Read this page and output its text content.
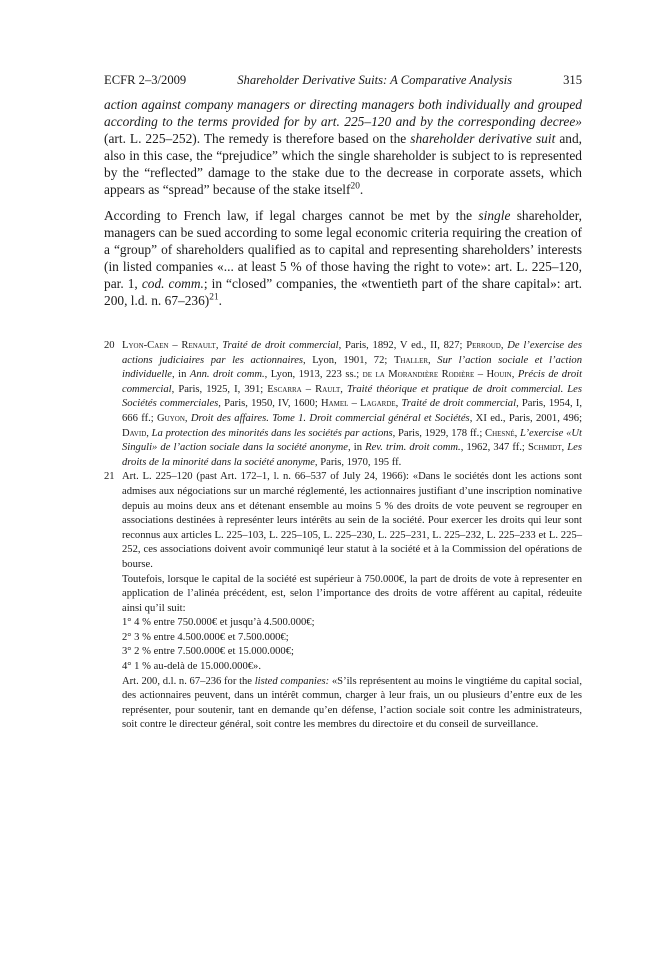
ECFR 2–3/2009	Shareholder Derivative Suits: A Comparative Analysis	315

action against company managers or directing managers both individually and grouped according to the terms provided for by art. 225–120 and by the corresponding decree» (art. L. 225–252). The remedy is therefore based on the shareholder derivative suit and, also in this case, the “prejudice” which the single shareholder is subject to is represented by the “reflected” damage to the stake due to the decrease in corporate assets, which appears as “spread” because of the stake itself$^{20}$.

According to French law, if legal charges cannot be met by the single shareholder, managers can be sued according to some legal economic criteria requiring the creation of a “group” of shareholders qualified as to capital and representing shareholders’ interests (in listed companies «... at least 5 % of those having the right to vote»: art. L. 225–120, par. 1, cod. comm.; in “closed” companies, the «twentieth part of the share capital»: art. 200, l.d. n. 67–236)$^{21}$.

20 Lyon-Caen – Renault, Traité de droit commercial, Paris, 1892, V ed., II, 827; Perroud, De l’exercise des actions judiciaires par les actionnaires, Lyon, 1901, 72; Thaller, Sur l’action sociale et l’action individuelle, in Ann. droit comm., Lyon, 1913, 223 ss.; de la Morandière Rodière – Houin, Précis de droit commercial, Paris, 1925, I, 391; Escarra – Rault, Traité théorique et pratique de droit commercial. Les Sociétés commerciales, Paris, 1950, IV, 1600; Hamel – Lagarde, Traité de droit commercial, Paris, 1954, I, 666 ff.; Guyon, Droit des affaires. Tome 1. Droit commercial général et Sociétés, XI ed., Paris, 2001, 496; David, La protection des minorités dans les sociétés par actions, Paris, 1929, 178 ff.; Chesné, L’exercise «Ut Singuli» de l’action sociale dans la société anonyme, in Rev. trim. droit comm., 1962, 347 ff.; Schmidt, Les droits de la minorité dans la société anonyme, Paris, 1970, 195 ff.
21 Art. L. 225–120 (past Art. 172–1, l. n. 66–537 of July 24, 1966): «Dans le sociétés dont les actions sont admises aux négociations sur un marché réglementé, les actionnaires justifiant d’une inscription nominative depuis au moins deux ans et détenant ensemble au moins 5 % des droits de vote peuvent se regrouper en associations destinées à represénter leurs intérêts au sein de la société. Pour exercer les droits qui leur sont reconnus aux articles L. 225–103, L. 225–105, L. 225–230, L. 225–231, L. 225–232, L. 225–233 et L. 225–252, ces associations doivent avoir communiqé leur statut à la société et à la Commission del opérations de bourse.

Toutefois, lorsque le capital de la société est supérieur à 750.000€, la part de droits de vote à representer en application de l’alinéa précédent, est, selon l’importance des droits de votre afférent au capital, rédeuite ainsi qu’il suit:

1° 4 % entre 750.000€ et jusqu’à 4.500.000€;
2° 3 % entre 4.500.000€ et 7.500.000€;
3° 2 % entre 7.500.000€ et 15.000.000€;
4° 1 % au-delà de 15.000.000€».

Art. 200, d.l. n. 67–236 for the listed companies: «S’ils représentent au moins le vingtiéme du capital social, des actionnaires peuvent, dans un intérêt commun, charger à leur frais, un ou plusieurs d’entre eux de les représenter, pour soutenir, tant en demande qu’en défense, l’action sociale soit contre les administrateurs, soit contre le directeur général, soit contre les membres du directoire et du conseil de surveillance.
